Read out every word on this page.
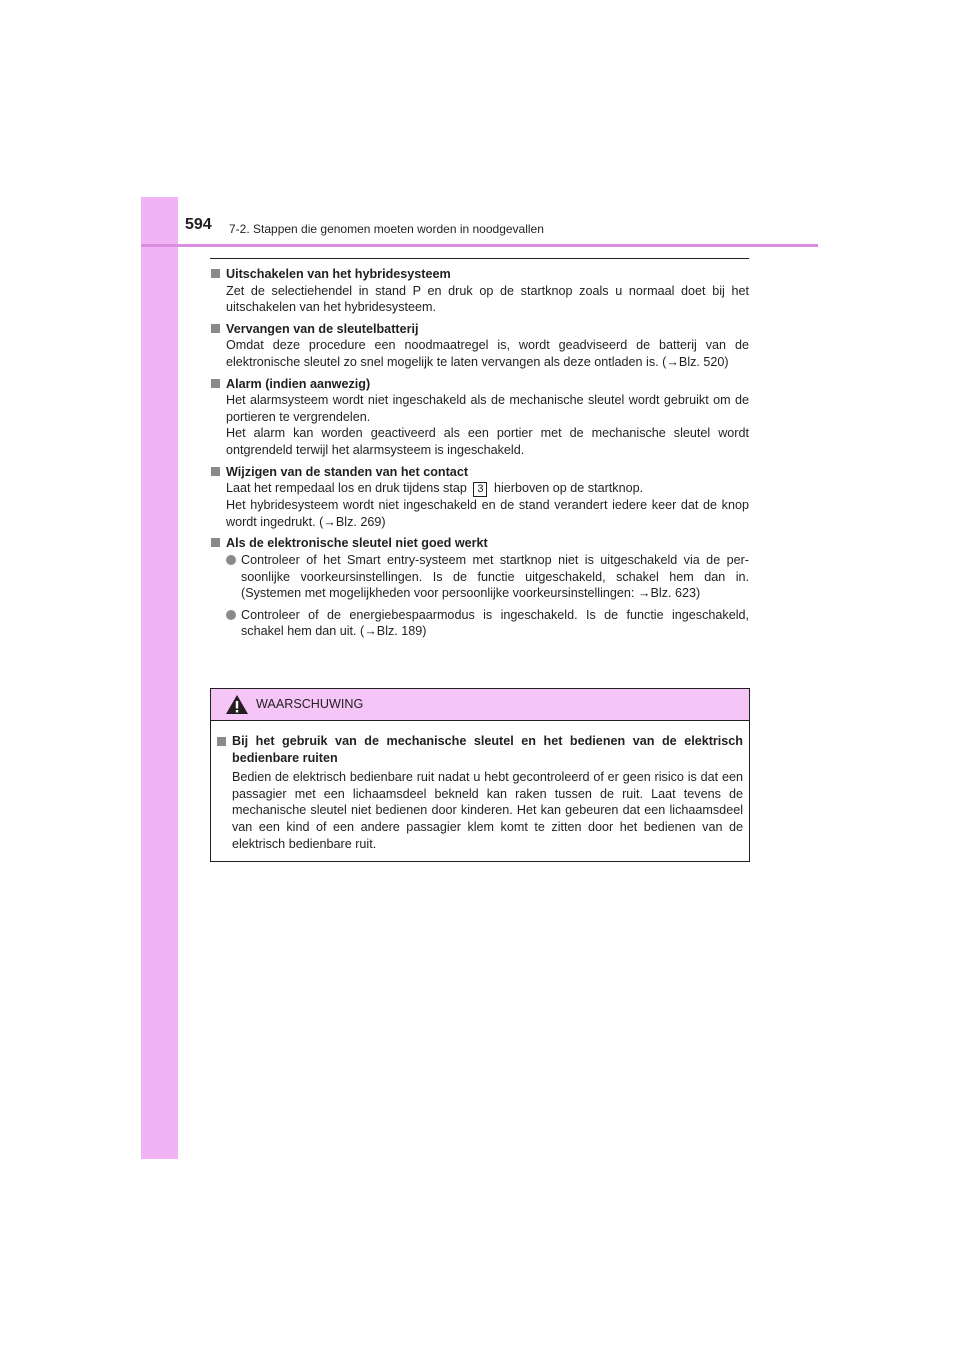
594 7-2. Stappen die genomen moeten worden in noodgevallen
Uitschakelen van het hybridesysteem
Zet de selectiehendel in stand P en druk op de startknop zoals u normaal doet bij het uitschakelen van het hybridesysteem.
Vervangen van de sleutelbatterij
Omdat deze procedure een noodmaatregel is, wordt geadviseerd de batterij van de elektronische sleutel zo snel mogelijk te laten vervangen als deze ontladen is. (→Blz. 520)
Alarm (indien aanwezig)
Het alarmsysteem wordt niet ingeschakeld als de mechanische sleutel wordt gebruikt om de portieren te vergrendelen.
Het alarm kan worden geactiveerd als een portier met de mechanische sleutel wordt ontgrendeld terwijl het alarmsysteem is ingeschakeld.
Wijzigen van de standen van het contact
Laat het rempedaal los en druk tijdens stap 3 hierboven op de startknop.
Het hybridesysteem wordt niet ingeschakeld en de stand verandert iedere keer dat de knop wordt ingedrukt. (→Blz. 269)
Als de elektronische sleutel niet goed werkt
Controleer of het Smart entry-systeem met startknop niet is uitgeschakeld via de per- soonlijke voorkeursinstellingen. Is de functie uitgeschakeld, schakel hem dan in. (Systemen met mogelijkheden voor persoonlijke voorkeursinstellingen: →Blz. 623)
Controleer of de energiebespaarmodus is ingeschakeld. Is de functie ingeschakeld, schakel hem dan uit. (→Blz. 189)
WAARSCHUWING
Bij het gebruik van de mechanische sleutel en het bedienen van de elektrisch bedienbare ruiten
Bedien de elektrisch bedienbare ruit nadat u hebt gecontroleerd of er geen risico is dat een passagier met een lichaamsdeel bekneld kan raken tussen de ruit. Laat tevens de mechanische sleutel niet bedienen door kinderen. Het kan gebeuren dat een lichaamsdeel van een kind of een andere passagier klem komt te zitten door het bedienen van de elektrisch bedienbare ruit.
